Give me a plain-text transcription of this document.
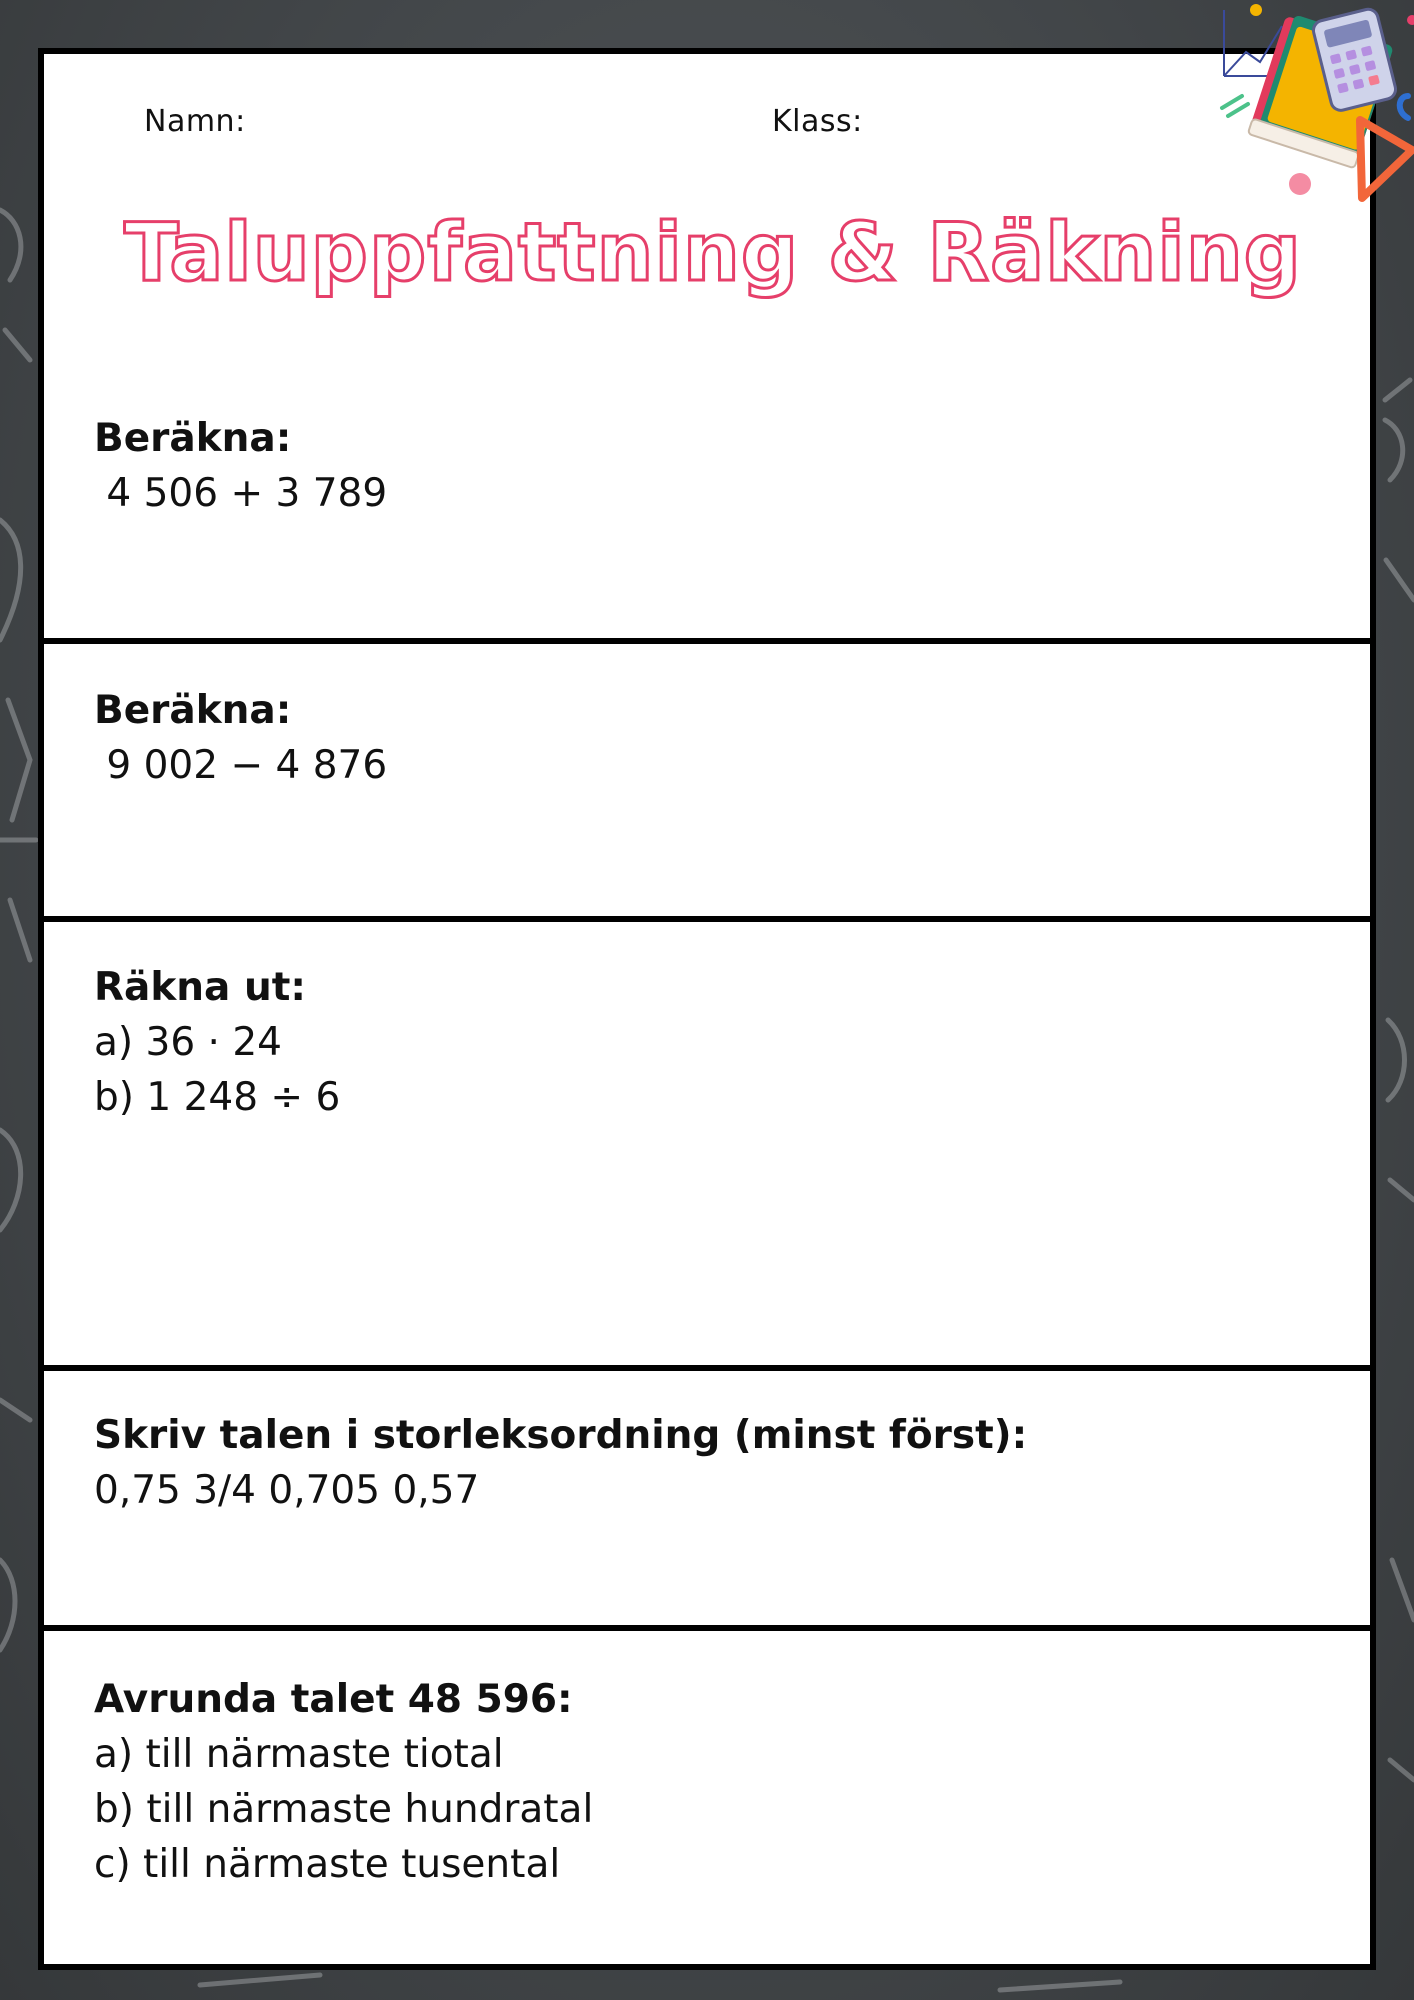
Namn:	Klass:
Taluppfattning & Räkning

Beräkna:

4 506 + 3 789

Beräkna:

9 002 − 4 876

Räkna ut:

a) 36 · 24

b) 1 248 ÷ 6

Skriv talen i storleksordning (minst först):

0,75 3/4 0,705 0,57

Avrunda talet 48 596:

a) till närmaste tiotal

b) till närmaste hundratal

c) till närmaste tusental
